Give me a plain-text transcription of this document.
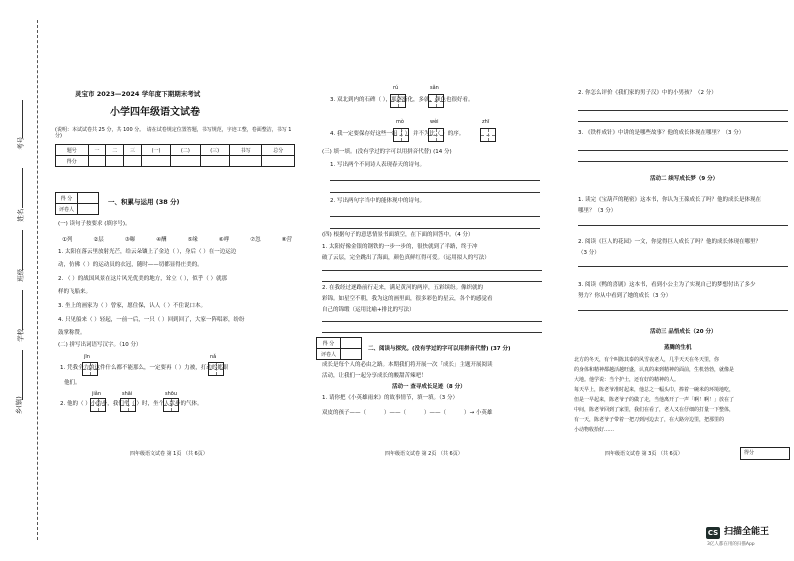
考号
姓名
班级
学校
乡(镇)
灵宝市 2023—2024 学年度下期期末考试
小学四年级语文试卷
(说明：本试试卷共 25 分，共 100 分。 请在试卷规定位置答题，书写规范，字迹工整，卷面整洁，书写 1 分)
题号	一	二	三	(一)	(二)	(三)	书写	总分
得分								
得 分	
评卷人	
一、积累与运用 (38 分)
(一) 读句子按要求 (填序号)。
①列	②层	③曝	④酬	⑤缘	⑥哮	⑦忽	⑧营
1. 太阳在落云里放射光芒，给云朵镶上了金边（ ），身后（ ）在一边运边
动，仿佛（ ）的运动员的衣冠，随时——切都显得庄美的。
2. （ ）的战国风景在这片风光优美的地方，耸立（ ），似乎（ ）就那
样的飞船来。
3. 坐上的画家为（ ）曾家，愿住保，认人（ ）不住说口本。
4. 只见船来（ ）轻起，一前一后，一只（ ）回到回了，大家一阵唱彩，纷纷
鼓掌称赞。
(二) 拼写出词语写汉字。（10 分）
jīn	nǎ
1. 凭我全力的这件什么都不能那么，一定要再（ ）力被，打动的都跟
他们。
jiǎn	shāi	shōu
2. 他的（ ）小的步，我们坐（ ）时，坐个人状步的气体。
四年级语文试卷 第 1页 （共 6页）
rú	sǎn
3. 双北到内的石碑（ ），那逐渐化，多就，颜色也很好看。
mò	wèi	zhī
4. 我一定要保存好这些一组（ ），并不为比（ ）的序。
(三) 填一填。(没有学过的字可以用拼音代替) (14 分)
1. 写出两个不同诗人表现春天的诗句。
2. 写出两句字当中的能体现中的诗句。
(四) 根据句子的意思情景书面填空，在下面的回答中。（4 分）
1. 太阳好像金银的钢铁的一步一步的，很快就到了半路，终于冲
破了云层，完全跳出了海面，颜色真鲜红得可爱。（运用拟人的写法）
2. 在我经过逐路前行走来，满足黄河的两岸，五彩缤纷。像织就的
彩锦。如星空不朝，我为这的画里面，很多彩色的星云，各个的感觉看
自己的锦缎（运用比喻+排比的写法）
得 分	
评卷人	
二、阅读与探究。(没有学过的字可以用拼音代替) (37 分)
成长是每个人的必由之路。本期我们将开展一次「成长」主题开展阅读
活动，让我们一起分享成长的酸甜苦辣吧！
活动一 查寻成长足迹（8 分）
1. 请你把《小英雄雨来》的故事情节，填一填。（3 分）
双皮的孩子——（	）——（	）——（	）→ 小英雄
四年级语文试卷 第 2页 （共 6页）
2. 你怎么评价《我们家的男子汉》中的小男孩？（2 分）
3. 《铁杵成针》中讲的是哪些故事？他的成长体现在哪里？（3 分）
活动二 续写成长梦（9 分）
1. 读完《宝葫芦的秘密》这本书，你认为王葆成长了吗？他的成长是体现在
哪里？（3 分）
2. 阅读《巨人的花园》一文，你觉得巨人成长了吗？他的成长体现在哪里？
（3 分）
3. 阅读《鸭的喜剧》这本书，看到小公主为了实现自己的梦想付出了多少
努力？你从中看到了她的成长（3 分）
活动三 品悟成长（20 分）
蒸腾的生机
北方的冬天，有个叫陈其泰的风雪夜老人，几乎天天在冬天里，你
的身体和精神都越活越旺盛，认真的来到精神的面前，生机勃勃，就像是
大地。他学说：当个护士，还有好的精神的人。
每天早上，陈老爷准时起来，他总之一幅头巾，捧着一碗米的环境地吃，
但是一早起来，陈老爷子的做了走，当他离开了一声「啊！啊！」放在了
中间，陈老爷回到了家里，我们在看了，老人又在仔细的打量一下整体，
有一天，陈老爷子带着一把刀到河边去了，在大路旁边里，把那里的
小动物收拾好……
四年级语文试卷 第 3页 （共 6页）	得分
CS 扫描全能王
3亿人都在用的扫描App
